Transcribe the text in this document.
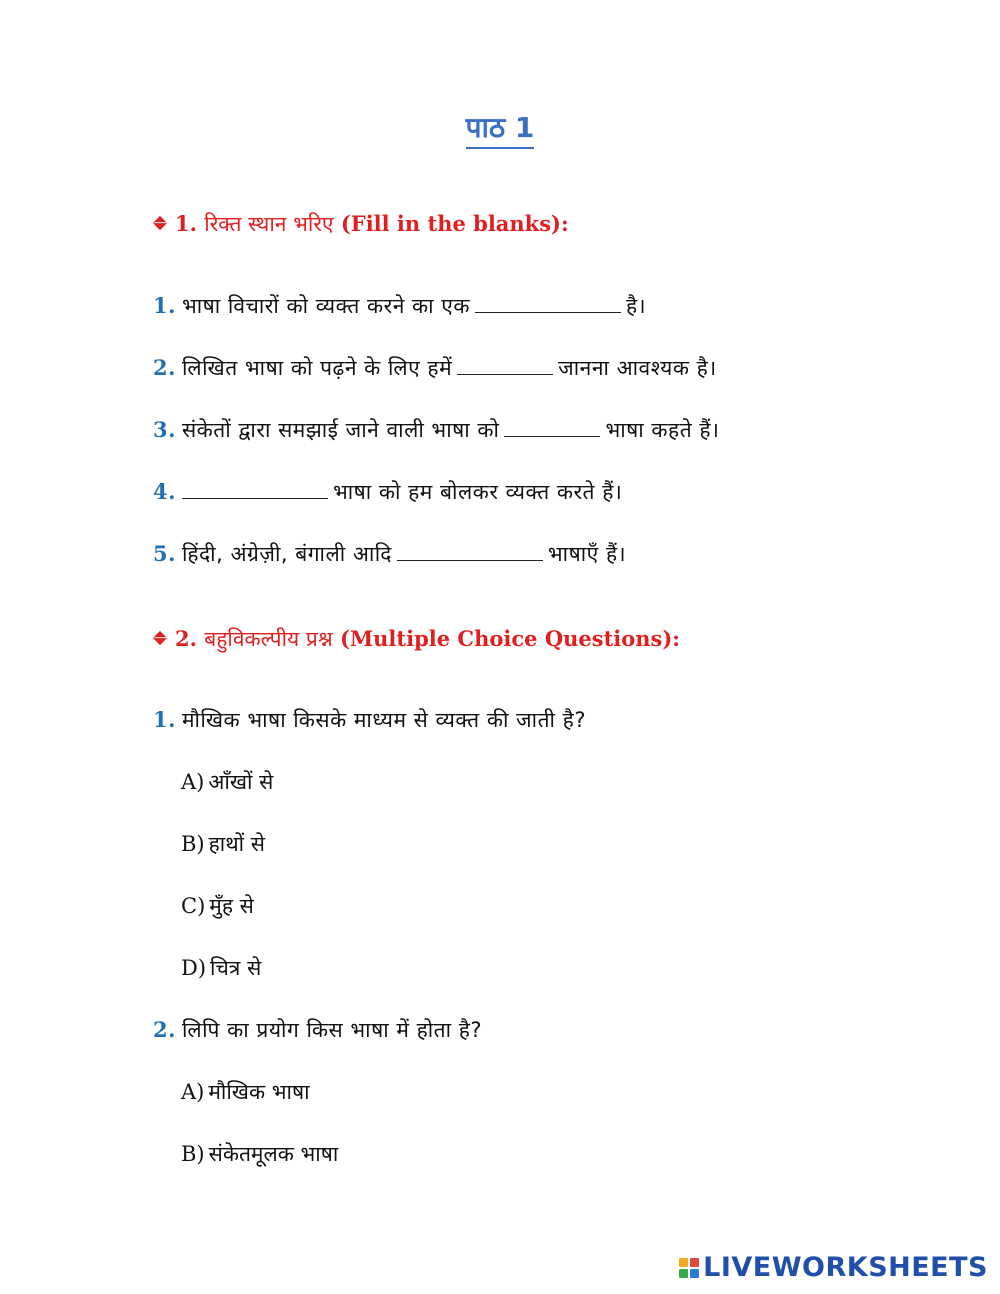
पाठ 1
1. रिक्त स्थान भरिए (Fill in the blanks):
1. भाषा विचारों को व्यक्त करने का एक	है।
2. लिखित भाषा को पढ़ने के लिए हमें	जानना आवश्यक है।
3. संकेतों द्वारा समझाई जाने वाली भाषा को	भाषा कहते हैं।
4.	भाषा को हम बोलकर व्यक्त करते हैं।
5. हिंदी, अंग्रेज़ी, बंगाली आदि	भाषाएँ हैं।
2. बहुविकल्पीय प्रश्न (Multiple Choice Questions):
1. मौखिक भाषा किसके माध्यम से व्यक्त की जाती है?
A) आँखों से
B) हाथों से
C) मुँह से
D) चित्र से
2. लिपि का प्रयोग किस भाषा में होता है?
A) मौखिक भाषा
B) संकेतमूलक भाषा
LIVEWORKSHEETS
